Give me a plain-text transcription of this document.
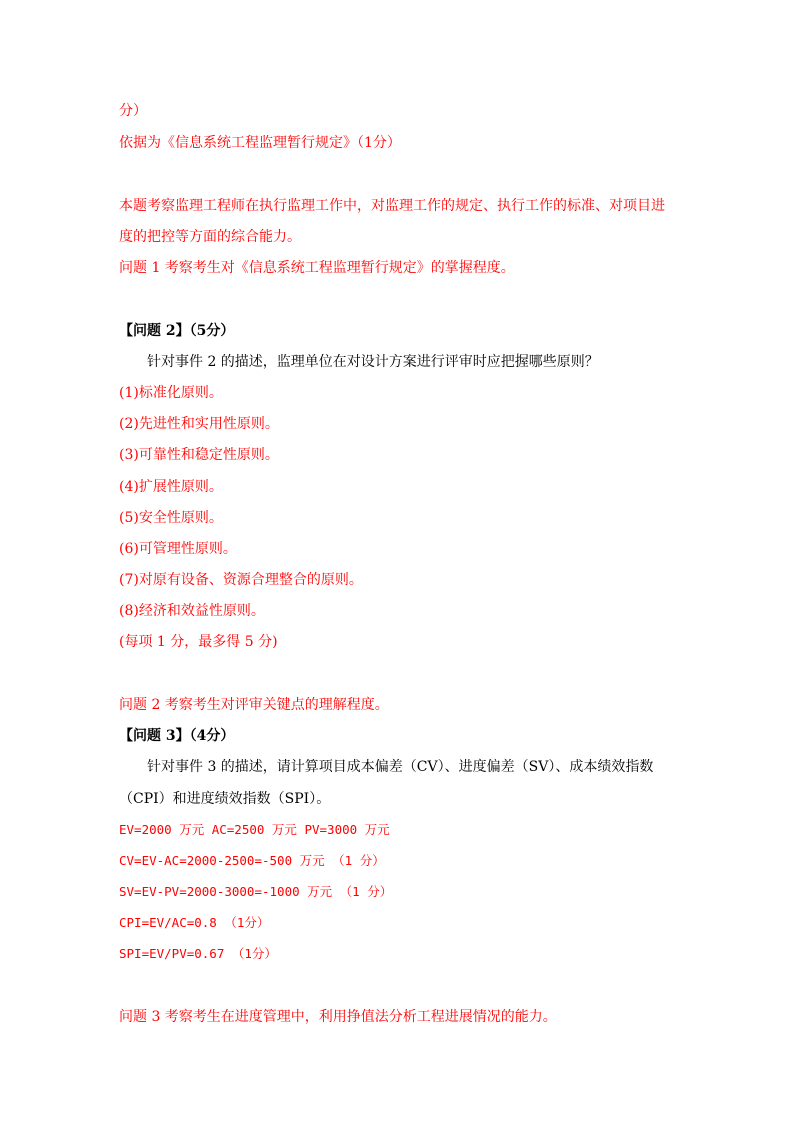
分）
依据为《信息系统工程监理暂行规定》（1分）
本题考察监理工程师在执行监理工作中，对监理工作的规定、执行工作的标准、对项目进
度的把控等方面的综合能力。
问题 1 考察考生对《信息系统工程监理暂行规定》的掌握程度。
【问题 2】（5分）
针对事件 2 的描述，监理单位在对设计方案进行评审时应把握哪些原则？
(1)标准化原则。
(2)先进性和实用性原则。
(3)可靠性和稳定性原则。
(4)扩展性原则。
(5)安全性原则。
(6)可管理性原则。
(7)对原有设备、资源合理整合的原则。
(8)经济和效益性原则。
(每项 1 分，最多得 5 分)
问题 2 考察考生对评审关键点的理解程度。
【问题 3】（4分）
针对事件 3 的描述，请计算项目成本偏差（CV）、进度偏差（SV）、成本绩效指数
（CPI）和进度绩效指数（SPI）。
EV=2000 万元 AC=2500 万元 PV=3000 万元
CV=EV-AC=2000-2500=-500 万元 （1 分）
SV=EV-PV=2000-3000=-1000 万元 （1 分）
CPI=EV/AC=0.8 （1分）
SPI=EV/PV=0.67 （1分）
问题 3 考察考生在进度管理中，利用挣值法分析工程进展情况的能力。
